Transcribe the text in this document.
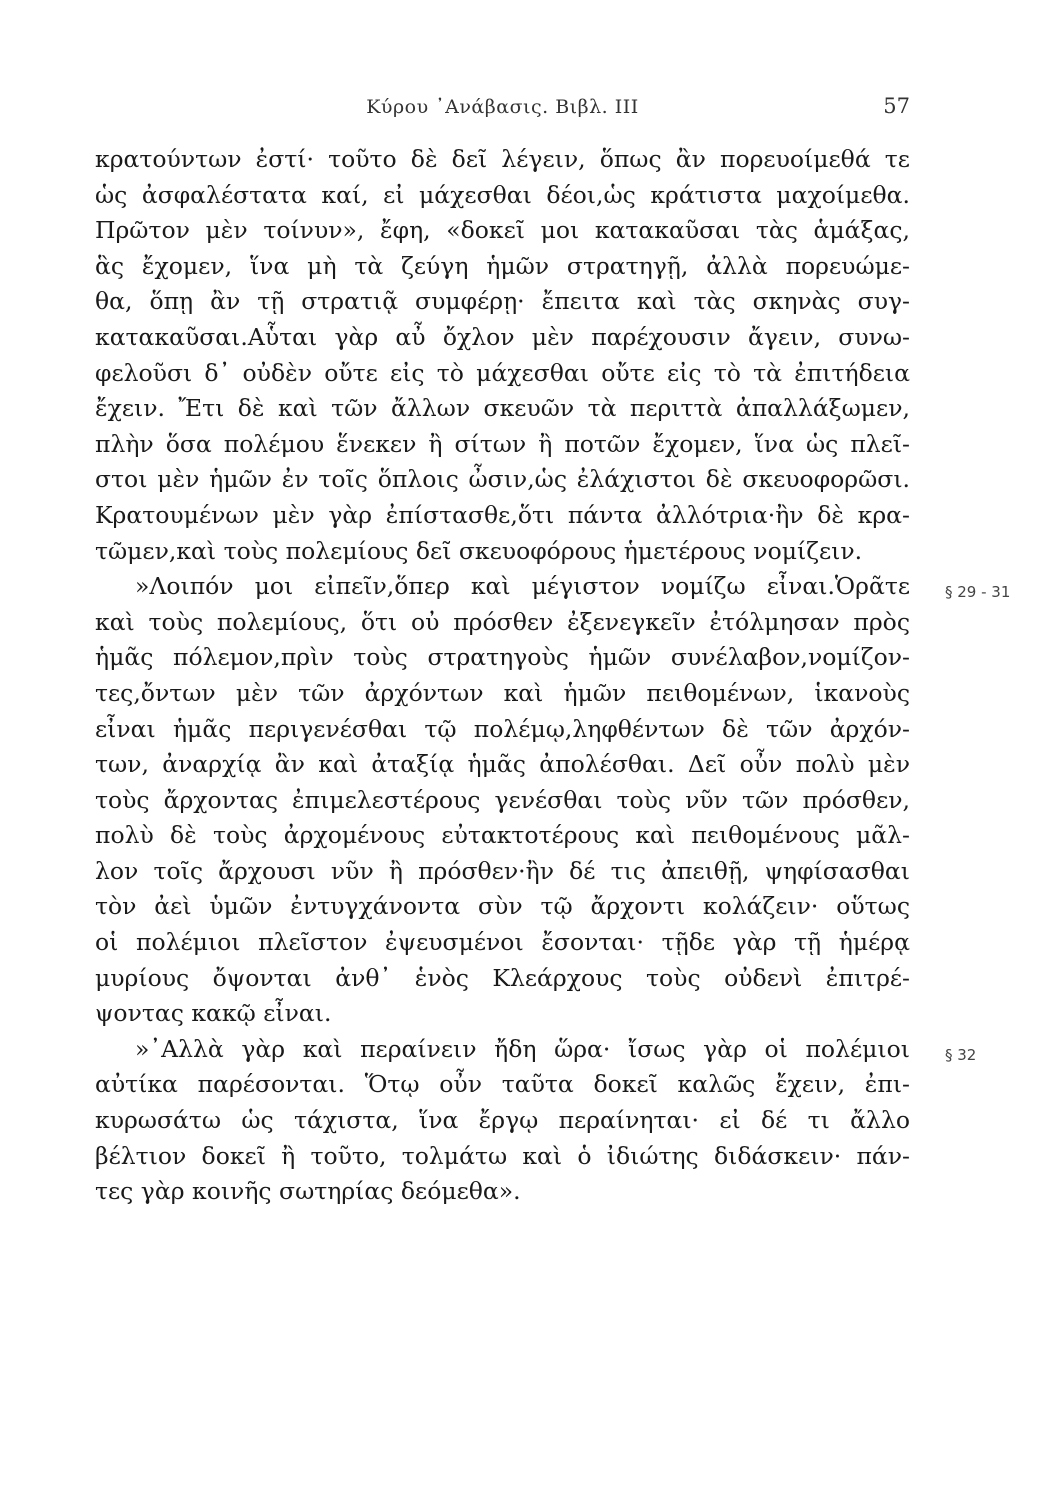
Κύρου ᾿Ανάβασις. Βιβλ. III	57
κρατούντων ἐστί· τοῦτο δὲ δεῖ λέγειν, ὅπως ἂν πορευοίμεθά τε
ὡς ἀσφαλέστατα καί, εἰ μάχεσθαι δέοι,ὡς κράτιστα μαχοίμεθα.
Πρῶτον μὲν τοίνυν», ἔφη, «δοκεῖ μοι κατακαῦσαι τὰς ἁμάξας,
ἃς ἔχομεν, ἵνα μὴ τὰ ζεύγη ἡμῶν στρατηγῇ, ἀλλὰ πορευώμε-
θα, ὅπῃ ἂν τῇ στρατιᾷ συμφέρῃ· ἔπειτα καὶ τὰς σκηνὰς συγ-
κατακαῦσαι.Αὗται γὰρ αὖ ὄχλον μὲν παρέχουσιν ἄγειν, συνω-
φελοῦσι δ᾿ οὐδὲν οὔτε εἰς τὸ μάχεσθαι οὔτε εἰς τὸ τὰ ἐπιτήδεια
ἔχειν. Ἔτι δὲ καὶ τῶν ἄλλων σκευῶν τὰ περιττὰ ἀπαλλάξωμεν,
πλὴν ὅσα πολέμου ἕνεκεν ἢ σίτων ἢ ποτῶν ἔχομεν, ἵνα ὡς πλεῖ-
στοι μὲν ἡμῶν ἐν τοῖς ὅπλοις ὦσιν,ὡς ἐλάχιστοι δὲ σκευοφορῶσι.
Κρατουμένων μὲν γὰρ ἐπίστασθε,ὅτι πάντα ἀλλότρια·ἢν δὲ κρα-
τῶμεν,καὶ τοὺς πολεμίους δεῖ σκευοφόρους ἡμετέρους νομίζειν.
»Λοιπόν μοι εἰπεῖν,ὅπερ καὶ μέγιστον νομίζω εἶναι.Ὁρᾶτε § 29 - 31
καὶ τοὺς πολεμίους, ὅτι οὐ πρόσθεν ἐξενεγκεῖν ἐτόλμησαν πρὸς
ἡμᾶς πόλεμον,πρὶν τοὺς στρατηγοὺς ἡμῶν συνέλαβον,νομίζον-
τες,ὄντων μὲν τῶν ἀρχόντων καὶ ἡμῶν πειθομένων, ἱκανοὺς
εἶναι ἡμᾶς περιγενέσθαι τῷ πολέμῳ,ληφθέντων δὲ τῶν ἀρχόν-
των, ἀναρχίᾳ ἂν καὶ ἀταξίᾳ ἡμᾶς ἀπολέσθαι. Δεῖ οὖν πολὺ μὲν
τοὺς ἄρχοντας ἐπιμελεστέρους γενέσθαι τοὺς νῦν τῶν πρόσθεν,
πολὺ δὲ τοὺς ἀρχομένους εὐτακτοτέρους καὶ πειθομένους μᾶλ-
λον τοῖς ἄρχουσι νῦν ἢ πρόσθεν·ἢν δέ τις ἀπειθῇ, ψηφίσασθαι
τὸν ἀεὶ ὑμῶν ἐντυγχάνοντα σὺν τῷ ἄρχοντι κολάζειν· οὕτως
οἱ πολέμιοι πλεῖστον ἐψευσμένοι ἔσονται· τῇδε γὰρ τῇ ἡμέρᾳ
μυρίους ὄψονται ἀνθ᾿ ἑνὸς Κλεάρχους τοὺς οὐδενὶ ἐπιτρέ-
ψοντας κακῷ εἶναι.
»᾿Αλλὰ γὰρ καὶ περαίνειν ἤδη ὥρα· ἴσως γὰρ οἱ πολέμιοι § 32
αὐτίκα παρέσονται. Ὅτῳ οὖν ταῦτα δοκεῖ καλῶς ἔχειν, ἐπι-
κυρωσάτω ὡς τάχιστα, ἵνα ἔργῳ περαίνηται· εἰ δέ τι ἄλλο
βέλτιον δοκεῖ ἢ τοῦτο, τολμάτω καὶ ὁ ἰδιώτης διδάσκειν· πάν-
τες γὰρ κοινῆς σωτηρίας δεόμεθα».
